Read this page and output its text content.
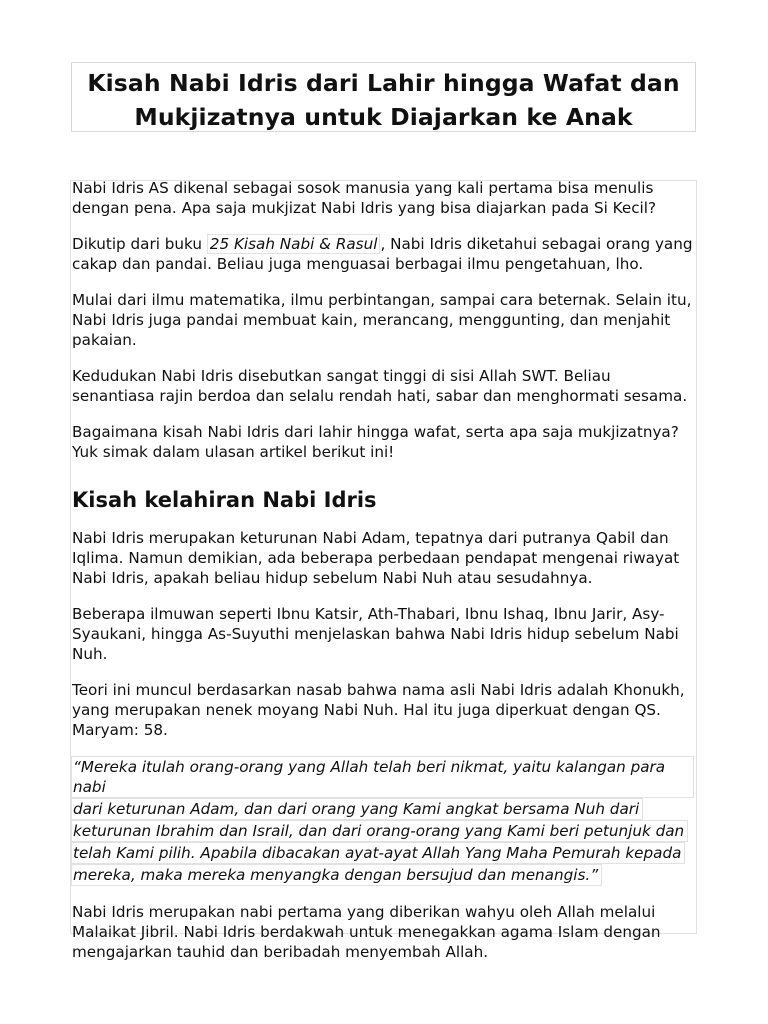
Kisah Nabi Idris dari Lahir hingga Wafat dan Mukjizatnya untuk Diajarkan ke Anak

Nabi Idris AS dikenal sebagai sosok manusia yang kali pertama bisa menulis dengan pena. Apa saja mukjizat Nabi Idris yang bisa diajarkan pada Si Kecil?

Dikutip dari buku 25 Kisah Nabi & Rasul , Nabi Idris diketahui sebagai orang yang cakap dan pandai. Beliau juga menguasai berbagai ilmu pengetahuan, lho.

Mulai dari ilmu matematika, ilmu perbintangan, sampai cara beternak. Selain itu, Nabi Idris juga pandai membuat kain, merancang, menggunting, dan menjahit pakaian.

Kedudukan Nabi Idris disebutkan sangat tinggi di sisi Allah SWT. Beliau senantiasa rajin berdoa dan selalu rendah hati, sabar dan menghormati sesama.

Bagaimana kisah Nabi Idris dari lahir hingga wafat, serta apa saja mukjizatnya? Yuk simak dalam ulasan artikel berikut ini!

Kisah kelahiran Nabi Idris

Nabi Idris merupakan keturunan Nabi Adam, tepatnya dari putranya Qabil dan Iqlima. Namun demikian, ada beberapa perbedaan pendapat mengenai riwayat Nabi Idris, apakah beliau hidup sebelum Nabi Nuh atau sesudahnya.

Beberapa ilmuwan seperti Ibnu Katsir, Ath-Thabari, Ibnu Ishaq, Ibnu Jarir, Asy-Syaukani, hingga As-Suyuthi menjelaskan bahwa Nabi Idris hidup sebelum Nabi Nuh.

Teori ini muncul berdasarkan nasab bahwa nama asli Nabi Idris adalah Khonukh, yang merupakan nenek moyang Nabi Nuh. Hal itu juga diperkuat dengan QS. Maryam: 58.

“Mereka itulah orang-orang yang Allah telah beri nikmat, yaitu kalangan para nabi
dari keturunan Adam, dan dari orang yang Kami angkat bersama Nuh dari
keturunan Ibrahim dan Israil, dan dari orang-orang yang Kami beri petunjuk dan
telah Kami pilih. Apabila dibacakan ayat-ayat Allah Yang Maha Pemurah kepada
mereka, maka mereka menyangka dengan bersujud dan menangis.”

Nabi Idris merupakan nabi pertama yang diberikan wahyu oleh Allah melalui Malaikat Jibril. Nabi Idris berdakwah untuk menegakkan agama Islam dengan mengajarkan tauhid dan beribadah menyembah Allah.
